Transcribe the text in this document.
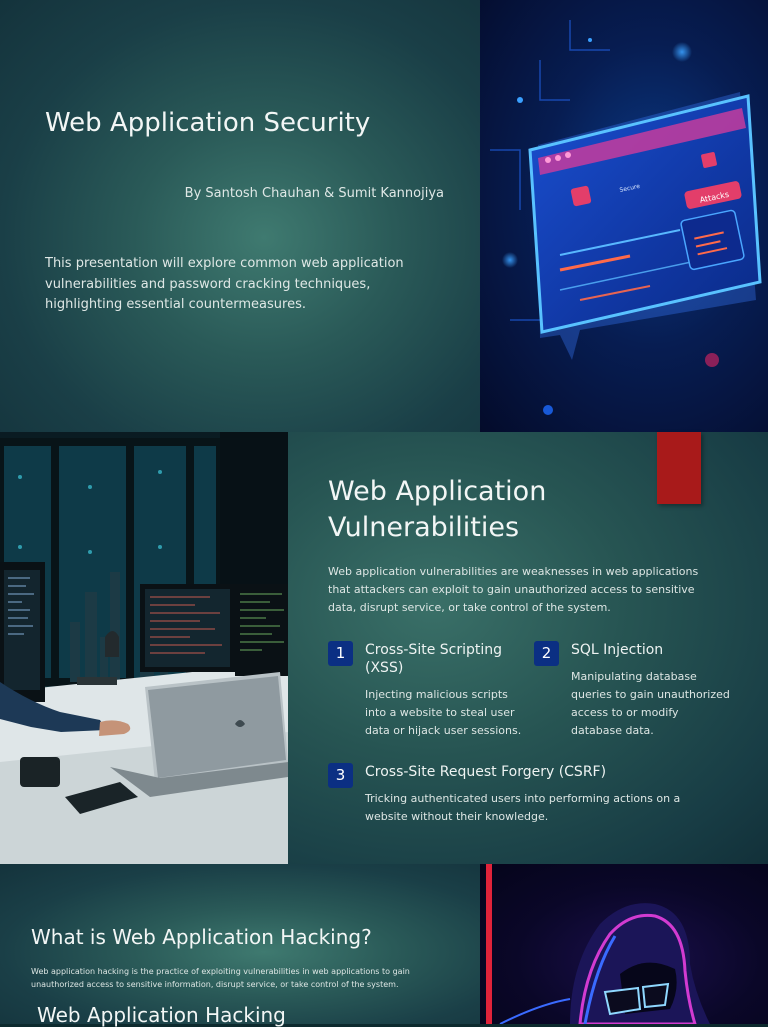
Web Application Security
By Santosh Chauhan & Sumit Kannojiya
This presentation will explore common web application vulnerabilities and password cracking techniques, highlighting essential countermeasures.
Secure
Attacks
Web Application Vulnerabilities
Web application vulnerabilities are weaknesses in web applications that attackers can exploit to gain unauthorized access to sensitive data, disrupt service, or take control of the system.
1	Cross-Site Scripting (XSS)
Injecting malicious scripts into a website to steal user data or hijack user sessions.
2	SQL Injection
Manipulating database queries to gain unauthorized access to or modify database data.
3	Cross-Site Request Forgery (CSRF)
Tricking authenticated users into performing actions on a website without their knowledge.
What is Web Application Hacking?
Web application hacking is the practice of exploiting vulnerabilities in web applications to gain unauthorized access to sensitive information, disrupt service, or take control of the system.
Web Application Hacking
